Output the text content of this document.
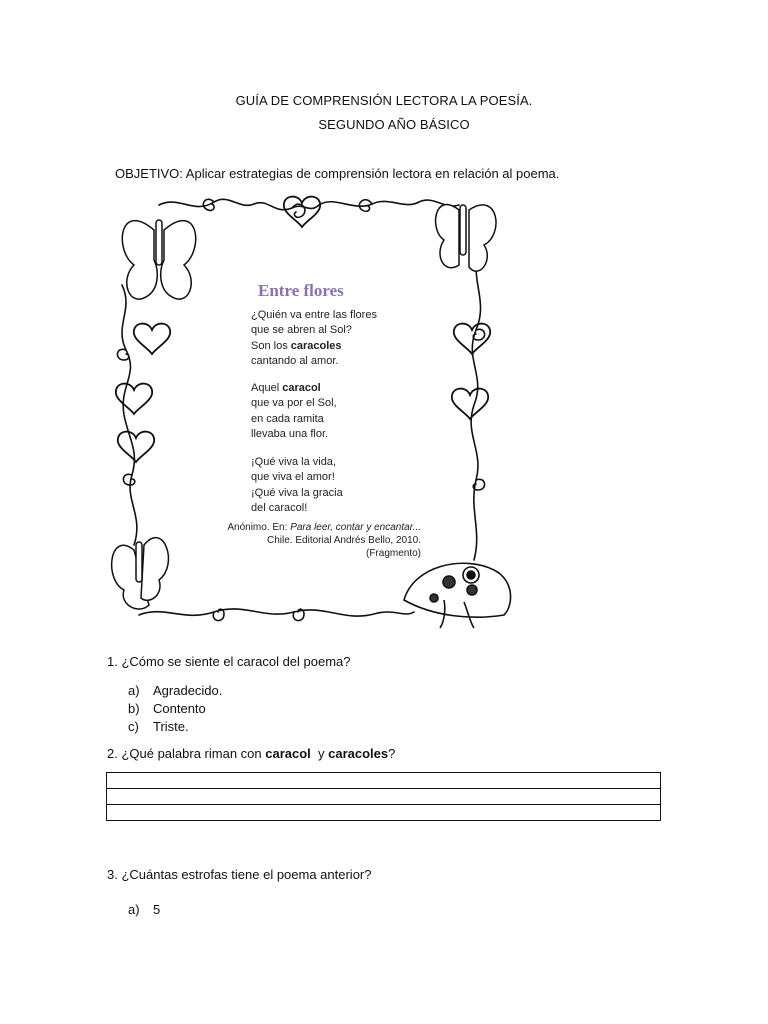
GUÍA DE COMPRENSIÓN LECTORA LA POESÍA.
SEGUNDO AÑO BÁSICO
OBJETIVO: Aplicar estrategias de comprensión lectora en relación al poema.
Entre flores
¿Quién va entre las flores
que se abren al Sol?
Son los caracoles
cantando al amor.
Aquel caracol
que va por el Sol,
en cada ramita
llevaba una flor.
¡Qué viva la vida,
que viva el amor!
¡Qué viva la gracia
del caracol!
Anónimo. En: Para leer, contar y encantar...
Chile. Editorial Andrés Bello, 2010.
(Fragmento)
1. ¿Cómo se siente el caracol del poema?
a)	Agradecido.
b)	Contento
c)	Triste.
2. ¿Qué palabra riman con caracol  y caracoles?

3. ¿Cuántas estrofas tiene el poema anterior?
a)	5
